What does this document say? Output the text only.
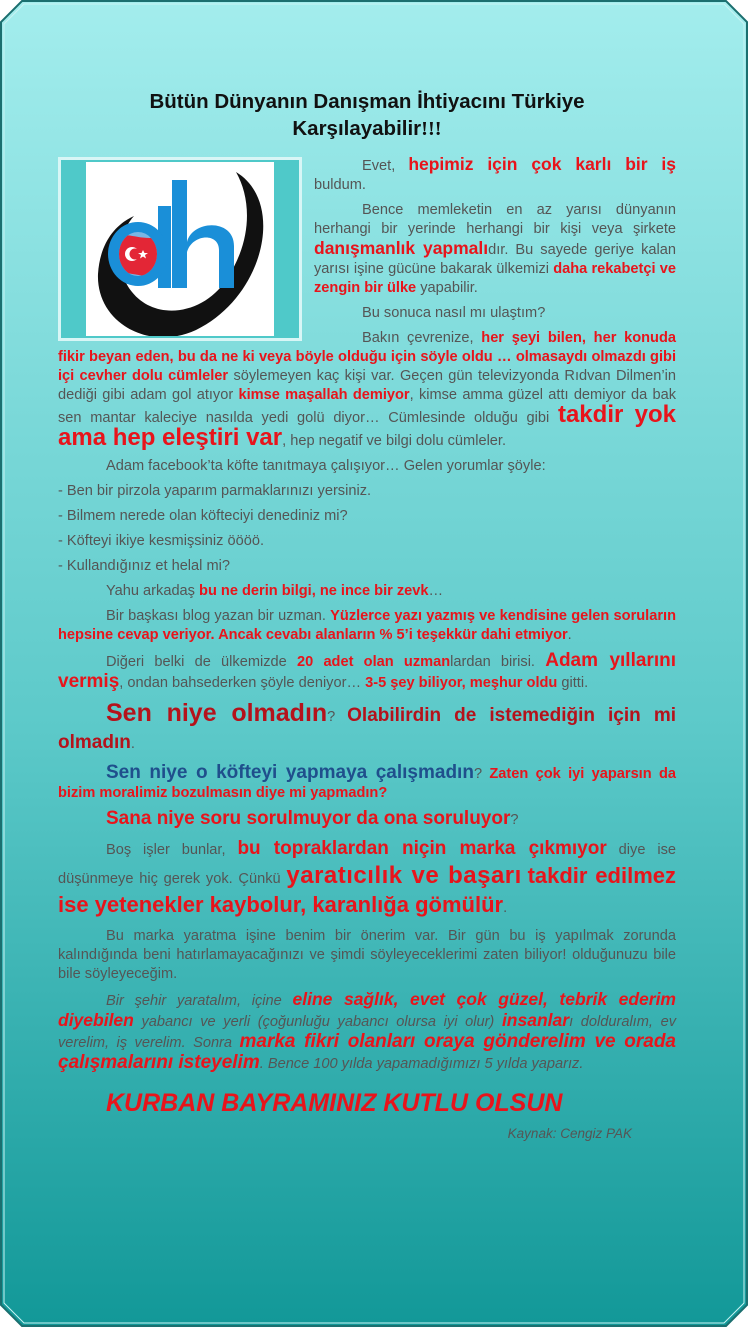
Bütün Dünyanın Danışman İhtiyacını Türkiye
Karşılayabilir!!!

Evet, hepimiz için çok karlı bir iş buldum.

Bence memleketin en az yarısı dünyanın herhangi bir yerinde herhangi bir kişi veya şirkete danışmanlık yapmalıdır. Bu sayede geriye kalan yarısı işine gücüne bakarak ülkemizi daha rekabetçi ve zengin bir ülke yapabilir.

Bu sonuca nasıl mı ulaştım?

Bakın çevrenize, her şeyi bilen, her konuda fikir beyan eden, bu da ne ki veya böyle olduğu için söyle oldu … olmasaydı olmazdı gibi içi cevher dolu cümleler söylemeyen kaç kişi var. Geçen gün televizyonda Rıdvan Dilmen’in dediği gibi adam gol atıyor kimse maşallah demiyor, kimse amma güzel attı demiyor da bak sen mantar kaleciye nasılda yedi golü diyor… Cümlesinde olduğu gibi takdir yok ama hep eleştiri var, hep negatif ve bilgi dolu cümleler.

Adam facebook’ta köfte tanıtmaya çalışıyor… Gelen yorumlar şöyle:

- Ben bir pirzola yaparım parmaklarınızı yersiniz.

- Bilmem nerede olan köfteciyi denediniz mi?

- Köfteyi ikiye kesmişsiniz öööö.

- Kullandığınız et helal mi?

Yahu arkadaş bu ne derin bilgi, ne ince bir zevk…

Bir başkası blog yazan bir uzman. Yüzlerce yazı yazmış ve kendisine gelen soruların hepsine cevap veriyor. Ancak cevabı alanların % 5’i teşekkür dahi etmiyor.

Diğeri belki de ülkemizde 20 adet olan uzmanlardan birisi. Adam yıllarını vermiş, ondan bahsederken şöyle deniyor… 3-5 şey biliyor, meşhur oldu gitti.

Sen niye olmadın? Olabilirdin de istemediğin için mi olmadın.

Sen niye o köfteyi yapmaya çalışmadın? Zaten çok iyi yaparsın da bizim moralimiz bozulmasın diye mi yapmadın?

Sana niye soru sorulmuyor da ona soruluyor?

Boş işler bunlar, bu topraklardan niçin marka çıkmıyor diye ise düşünmeye hiç gerek yok. Çünkü yaratıcılık ve başarı takdir edilmez ise yetenekler kaybolur, karanlığa gömülür.

Bu marka yaratma işine benim bir önerim var. Bir gün bu iş yapılmak zorunda kalındığında beni hatırlamayacağınızı ve şimdi söyleyeceklerimi zaten biliyor! olduğunuzu bile bile söyleyeceğim.

Bir şehir yaratalım, içine eline sağlık, evet çok güzel, tebrik ederim diyebilen yabancı ve yerli (çoğunluğu yabancı olursa iyi olur) insanları dolduralım, ev verelim, iş verelim. Sonra marka fikri olanları oraya gönderelim ve orada çalışmalarını isteyelim. Bence 100 yılda yapamadığımızı 5 yılda yaparız.

KURBAN BAYRAMINIZ KUTLU OLSUN

Kaynak: Cengiz PAK
